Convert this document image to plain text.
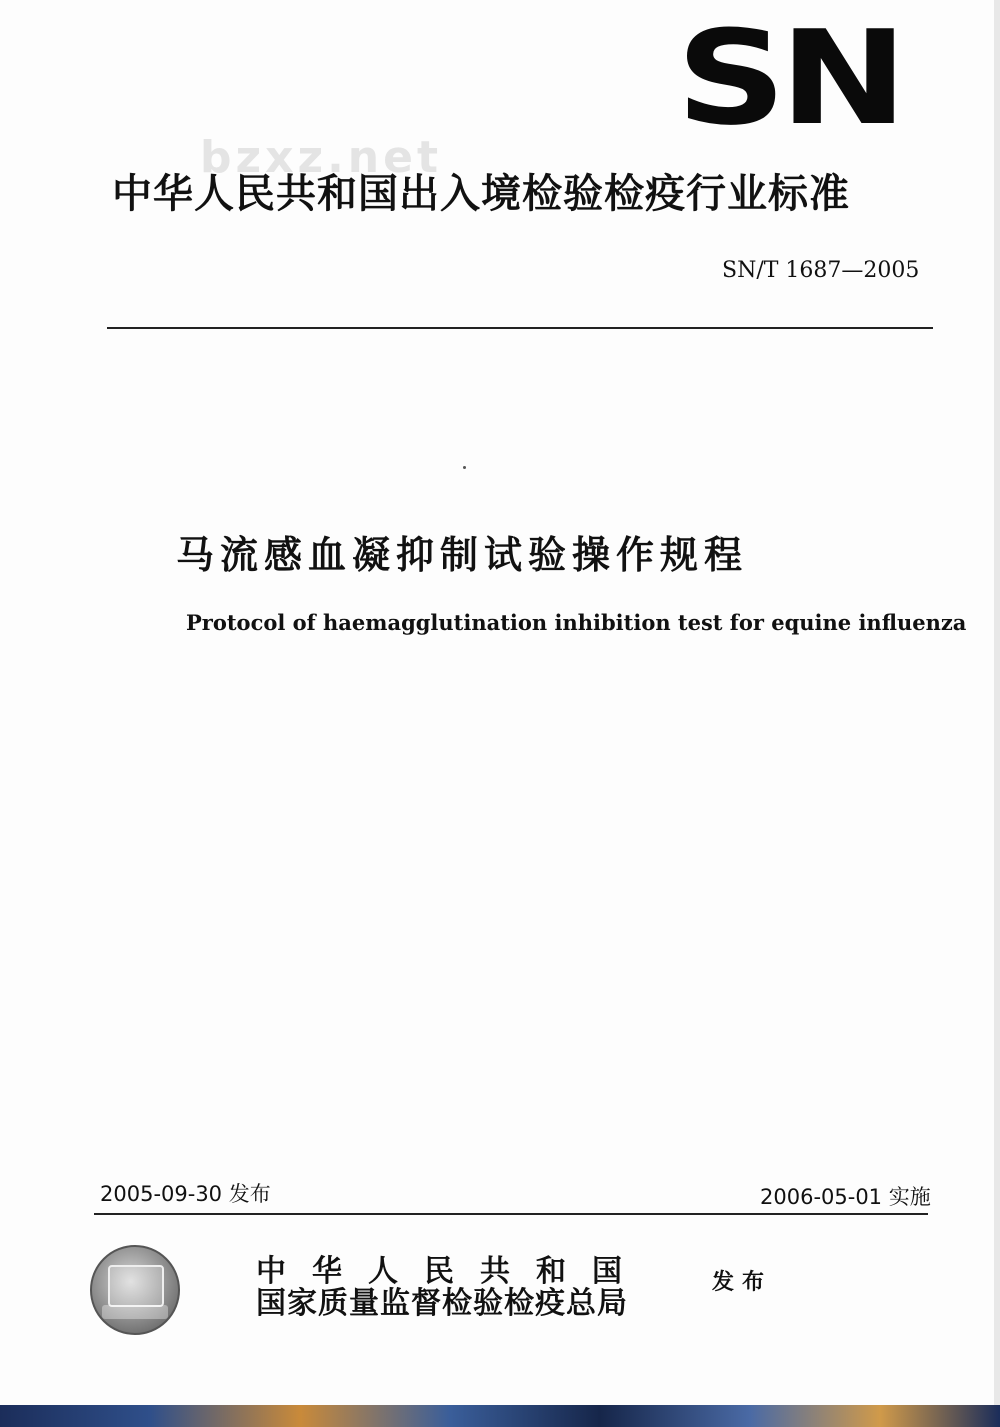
bzxz.net
SN
中华人民共和国出入境检验检疫行业标准
SN/T 1687—2005
马流感血凝抑制试验操作规程
Protocol of haemagglutination inhibition test for equine influenza
2005-09-30 发布	2006-05-01 实施
中华人民共和国
国家质量监督检验检疫总局
发布
